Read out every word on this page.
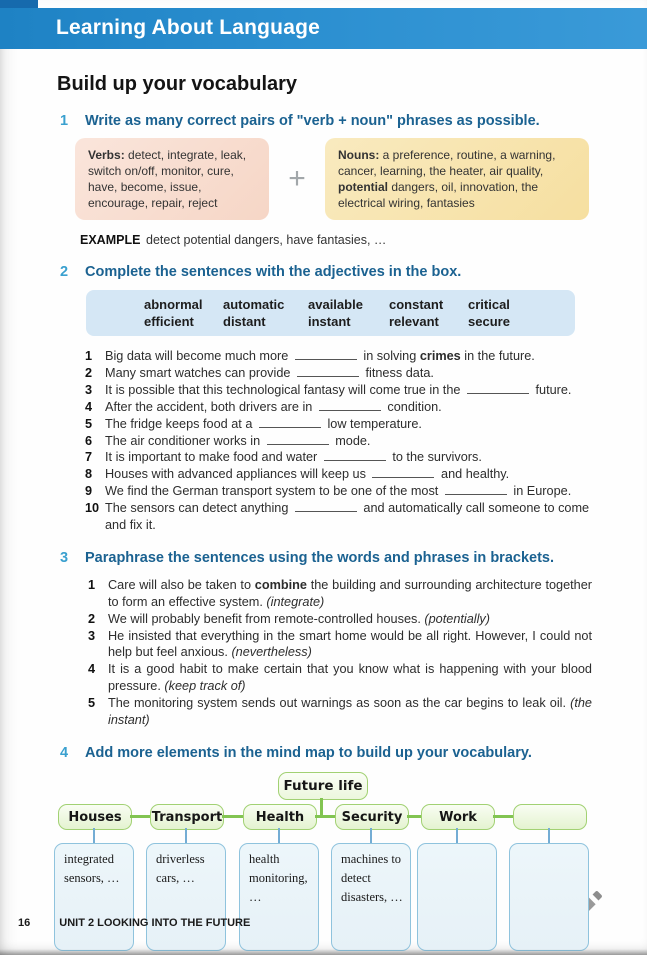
Learning About Language
Build up your vocabulary
1	Write as many correct pairs of "verb + noun" phrases as possible.
Verbs: detect, integrate, leak, switch on/off, monitor, cure, have, become, issue, encourage, repair, reject
+
Nouns: a preference, routine, a warning, cancer, learning, the heater, air quality, potential dangers, oil, innovation, the electrical wiring, fantasies
EXAMPLE detect potential dangers, have fantasies, …
2	Complete the sentences with the adjectives in the box.
abnormal	automatic	available	constant	critical
efficient	distant	instant	relevant	secure
1	Big data will become much more	in solving crimes in the future.
2	Many smart watches can provide	fitness data.
3	It is possible that this technological fantasy will come true in the	future.
4	After the accident, both drivers are in	condition.
5	The fridge keeps food at a	low temperature.
6	The air conditioner works in	mode.
7	It is important to make food and water	to the survivors.
8	Houses with advanced appliances will keep us	and healthy.
9	We find the German transport system to be one of the most	in Europe.
10 The sensors can detect anything	and automatically call someone to come and fix it.
3	Paraphrase the sentences using the words and phrases in brackets.
1	Care will also be taken to combine the building and surrounding architecture together to form an effective system. (integrate)
2	We will probably benefit from remote-controlled houses. (potentially)
3	He insisted that everything in the smart home would be all right. However, I could not help but feel anxious. (nevertheless)
4	It is a good habit to make certain that you know what is happening with your blood pressure. (keep track of)
5	The monitoring system sends out warnings as soon as the car begins to leak oil. (the instant)
4	Add more elements in the mind map to build up your vocabulary.
Future life
Houses
integrated sensors, …
Transport
driverless cars, …
Health
health monitoring, …
Security
machines to detect disasters, …
Work
16	UNIT 2 LOOKING INTO THE FUTURE
